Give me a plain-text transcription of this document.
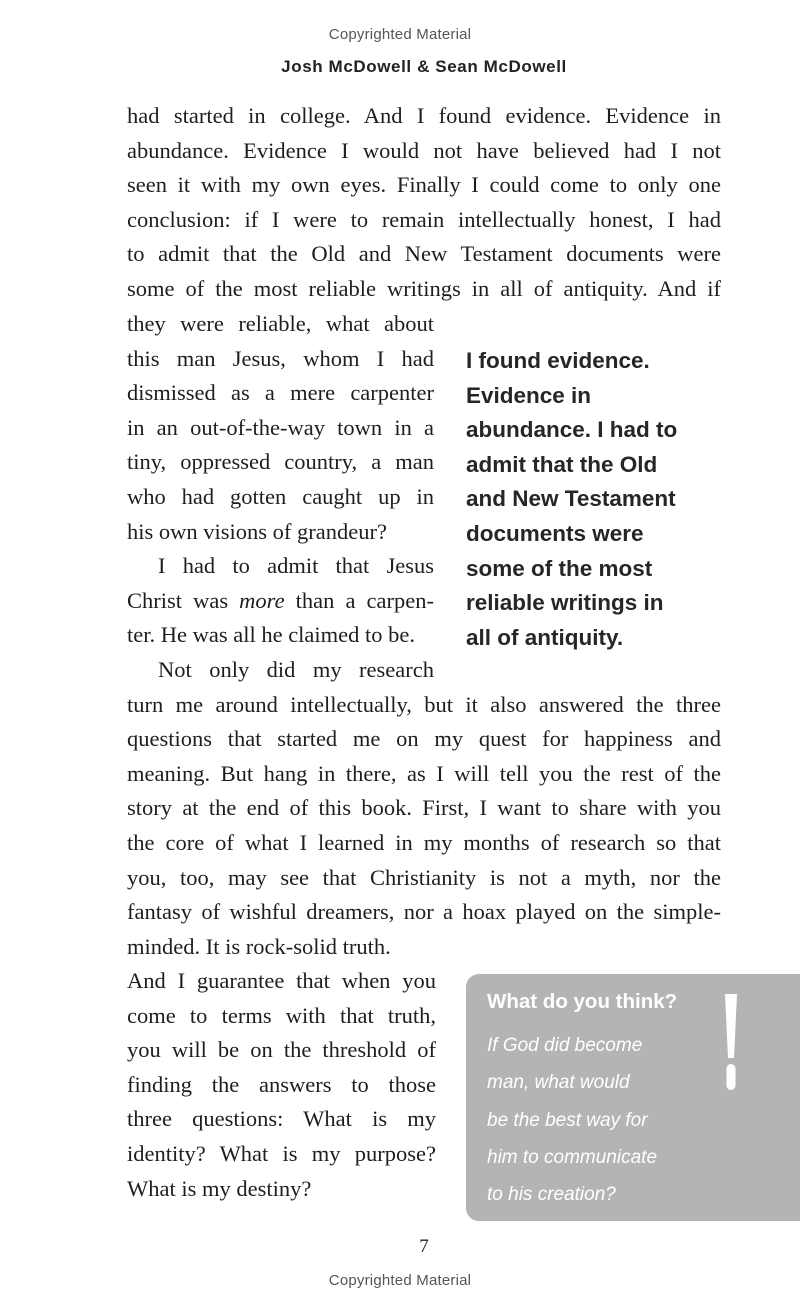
Copyrighted Material
Josh McDowell & Sean McDowell

had started in college. And I found evidence. Evidence in

abundance. Evidence I would not have believed had I not

seen it with my own eyes. Finally I could come to only one

conclusion: if I were to remain intellectually honest, I had

to admit that the Old and New Testament documents were

some of the most reliable writings in all of antiquity. And if

they were reliable, what about

this man Jesus, whom I had

dismissed as a mere carpenter

in an out-of-the-way town in a

tiny, oppressed country, a man

who had gotten caught up in

his own visions of grandeur?

I had to admit that Jesus

Christ was more than a carpen-

ter. He was all he claimed to be.

Not only did my research

turn me around intellectually, but it also answered the three

questions that started me on my quest for happiness and

meaning. But hang in there, as I will tell you the rest of the

story at the end of this book. First, I want to share with you

the core of what I learned in my months of research so that

you, too, may see that Christianity is not a myth, nor the

fantasy of wishful dreamers, nor a hoax played on the simple-

minded. It is rock-solid truth.

And I guarantee that when you

come to terms with that truth,

you will be on the threshold of

finding the answers to those

three questions: What is my

identity? What is my purpose?

What is my destiny?

I found evidence.
Evidence in
abundance. I had to
admit that the Old
and New Testament
documents were
some of the most
reliable writings in
all of antiquity.
What do you think?
If God did become
man, what would
be the best way for
him to communicate
to his creation?
7
Copyrighted Material
